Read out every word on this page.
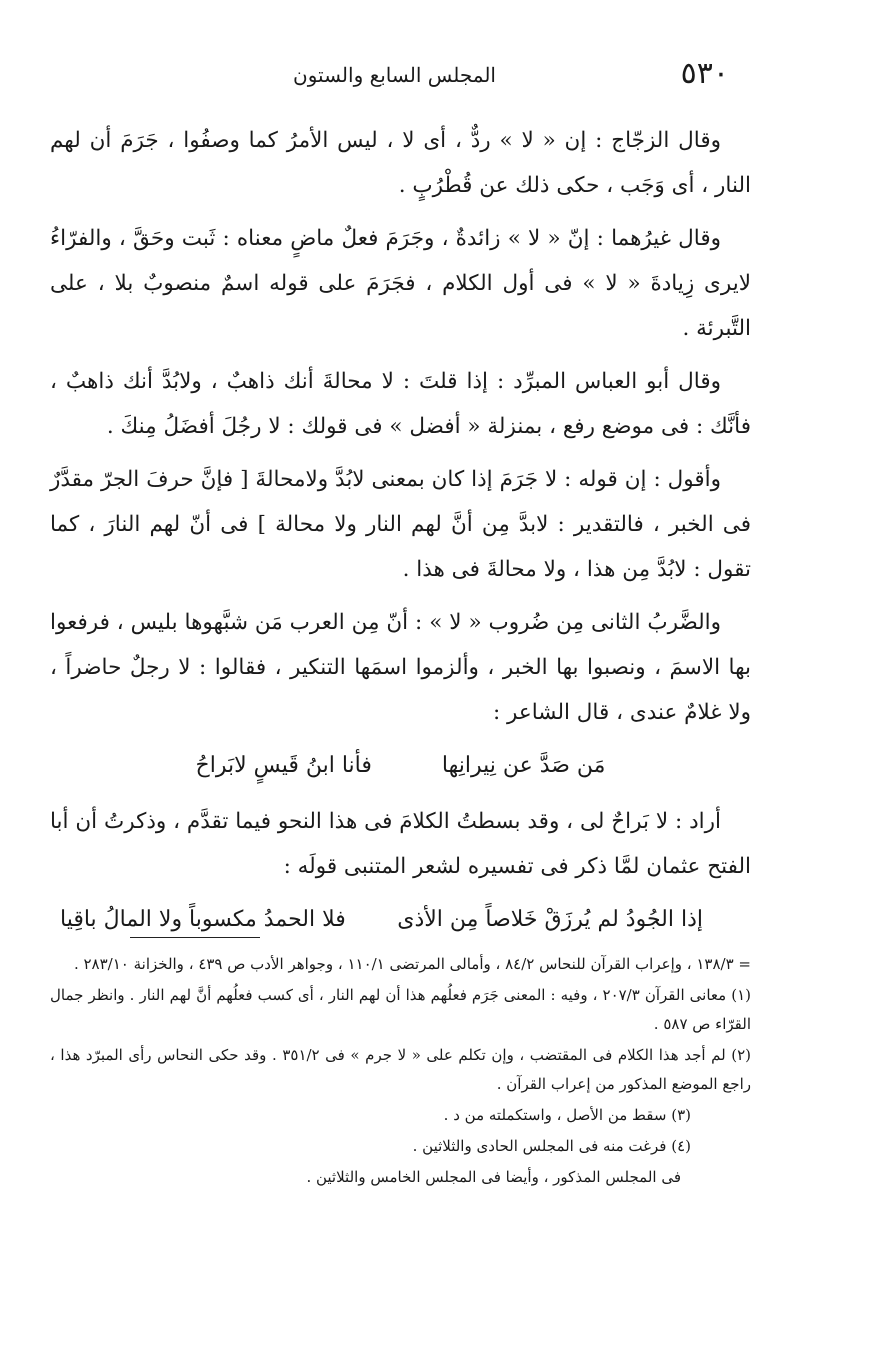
٥٣٠
المجلس السابع والستون

وقال الزجّاج : إن « لا » ردٌّ ، أى لا ، ليس الأمرُ كما وصفُوا ، جَرَمَ أن لهم النار ، أى وَجَب ، حكى ذلك عن قُطْرُبٍ .

وقال غيرُهما : إنّ « لا » زائدةٌ ، وجَرَمَ فعلٌ ماضٍ معناه : ثَبت وحَقَّ ، والفرّاءُ لايرى زِيادةَ « لا » فى أول الكلام ، فجَرَمَ على قوله اسمٌ منصوبٌ بلا ، على التَّبرئة .

وقال أبو العباس المبرِّد : إذا قلتَ : لا محالةَ أنك ذاهبٌ ، ولابُدَّ أنك ذاهبٌ ، فأنَّك : فى موضع رفع ، بمنزلة « أفضل » فى قولك : لا رجُلَ أفضَلُ مِنكَ .

وأقول : إن قوله : لا جَرَمَ إذا كان بمعنى لابُدَّ ولامحالةَ [ فإنَّ حرفَ الجرّ مقدَّرٌ فى الخبر ، فالتقدير : لابدَّ مِن أنَّ لهم النار ولا محالة ] فى أنّ لهم النارَ ، كما تقول : لابُدَّ مِن هذا ، ولا محالةَ فى هذا .

والضَّربُ الثانى مِن ضُروب « لا » : أنّ مِن العرب مَن شبَّهوها بليس ، فرفعوا بها الاسمَ ، ونصبوا بها الخبر ، وألزموا اسمَها التنكير ، فقالوا : لا رجلٌ حاضراً ، ولا غلامٌ عندى ، قال الشاعر :

مَن صَدَّ عن نِيرانِها
فأنا ابنُ قَيسٍ لابَراحُ

أراد : لا بَراحٌ لى ، وقد بسطتُ الكلامَ فى هذا النحو فيما تقدَّم ، وذكرتُ أن أبا الفتح عثمان لمَّا ذكر فى تفسيره لشعر المتنبى قولَه :

إذا الجُودُ لم يُرزَقْ خَلاصاً مِن الأذى
فلا الحمدُ مكسوباً ولا المالُ باقِيا

= ١٣٨/٣ ، وإعراب القرآن للنحاس ٨٤/٢ ، وأمالى المرتضى ١١٠/١ ، وجواهر الأدب ص ٤٣٩ ، والخزانة ٢٨٣/١٠ .

(١) معانى القرآن ٢٠٧/٣ ، وفيه : المعنى جَرَم فعلُهم هذا أن لهم النار ، أى كسب فعلُهم أنَّ لهم النار . وانظر جمال القرّاء ص ٥٨٧ .

(٢) لم أجد هذا الكلام فى المقتضب ، وإن تكلم على « لا جرم » فى ٣٥١/٢ . وقد حكى النحاس رأى المبرّد هذا ، راجع الموضع المذكور من إعراب القرآن .

(٣) سقط من الأصل ، واستكملته من د .

(٤) فرغت منه فى المجلس الحادى والثلاثين .

فى المجلس المذكور ، وأيضا فى المجلس الخامس والثلاثين .
